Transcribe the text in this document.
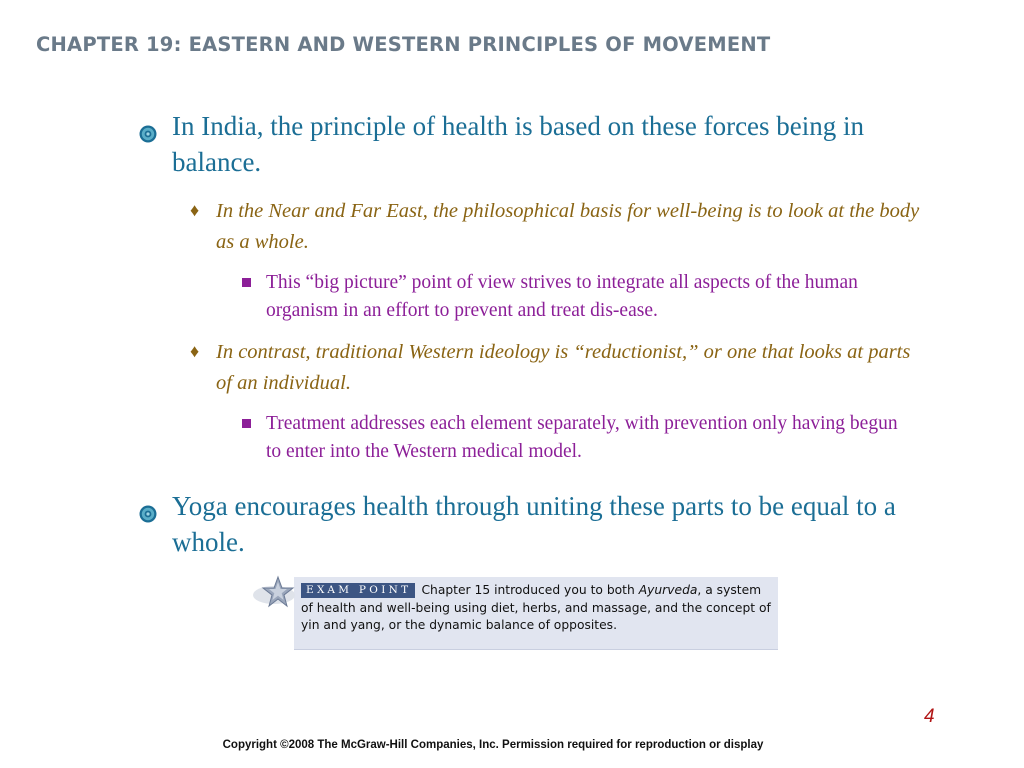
CHAPTER 19: EASTERN AND WESTERN PRINCIPLES OF MOVEMENT
In India, the principle of health is based on these forces being in balance.
♦ In the Near and Far East, the philosophical basis for well-being is to look at the body as a whole.
This “big picture” point of view strives to integrate all aspects of the human organism in an effort to prevent and treat dis-ease.
♦ In contrast, traditional Western ideology is “reductionist,” or one that looks at parts of an individual.
Treatment addresses each element separately, with prevention only having begun to enter into the Western medical model.
Yoga encourages health through uniting these parts to be equal to a whole.
EXAM POINT Chapter 15 introduced you to both Ayurveda, a system of health and well-being using diet, herbs, and massage, and the concept of yin and yang, or the dynamic balance of opposites.
4
Copyright ©2008 The McGraw-Hill Companies, Inc. Permission required for reproduction or display
